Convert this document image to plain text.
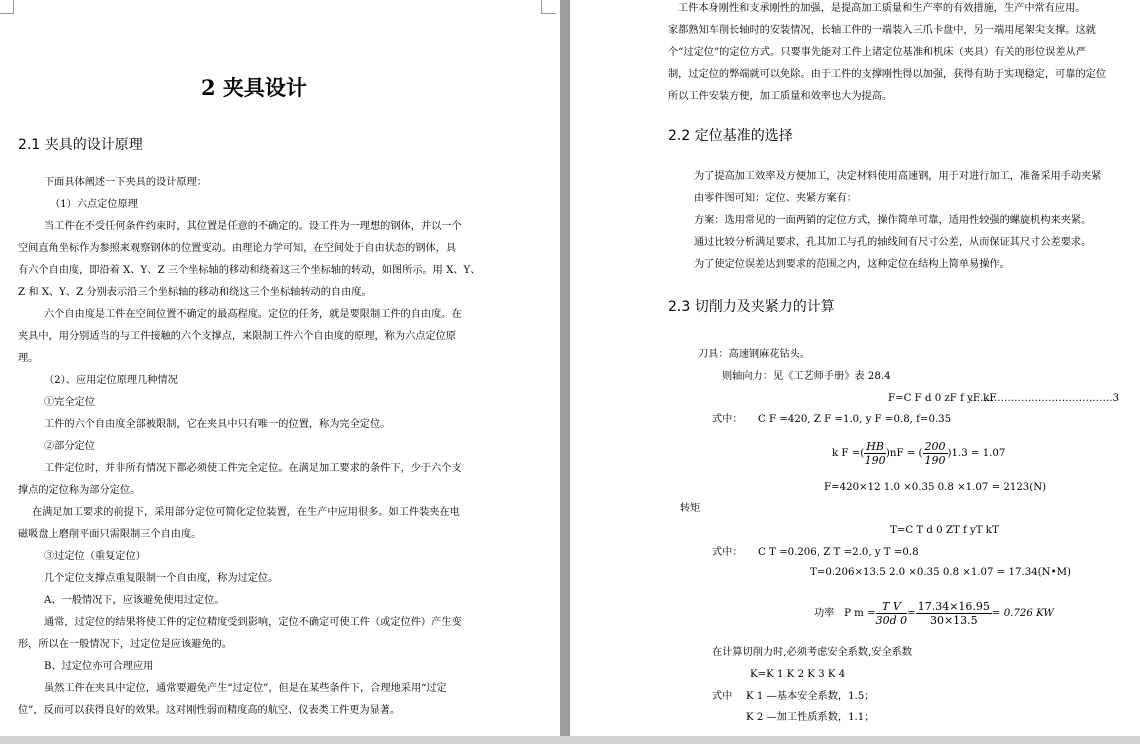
2 夹具设计
2.1 夹具的设计原理
下面具体阐述一下夹具的设计原理：
（1）六点定位原理
当工件在不受任何条件约束时，其位置是任意的不确定的。设工件为一理想的钢体，并以一个
空间直角坐标作为参照来观察钢体的位置变动。由理论力学可知，在空间处于自由状态的钢体，具
有六个自由度，即沿着 X、Y、Z 三个坐标轴的移动和绕着这三个坐标轴的转动，如图所示。用 X、Y、
Z 和 X、Y、Z 分别表示沿三个坐标轴的移动和绕这三个坐标轴转动的自由度。
六个自由度是工件在空间位置不确定的最高程度。定位的任务，就是要限制工件的自由度。在
夹具中，用分别适当的与工件接触的六个支撑点，来限制工件六个自由度的原理，称为六点定位原
理。
（2）、应用定位原理几种情况
①完全定位
工件的六个自由度全部被限制，它在夹具中只有唯一的位置，称为完全定位。
②部分定位
工件定位时，并非所有情况下都必须使工件完全定位。在满足加工要求的条件下，少于六个支
撑点的定位称为部分定位。
在满足加工要求的前提下，采用部分定位可简化定位装置，在生产中应用很多。如工件装夹在电
磁吸盘上磨削平面只需限制三个自由度。
③过定位（重复定位）
几个定位支撑点重复限制一个自由度，称为过定位。
A、一般情况下，应该避免使用过定位。
通常，过定位的结果将使工件的定位精度受到影响，定位不确定可使工件（或定位件）产生变
形，所以在一般情况下，过定位是应该避免的。
B、过定位亦可合理应用
虽然工件在夹具中定位，通常要避免产生“过定位”，但是在某些条件下，合理地采用“过定
位”，反而可以获得良好的效果。这对刚性弱而精度高的航空、仪表类工件更为显著。
工件本身刚性和支承刚性的加强，是提高加工质量和生产率的有效措施，生产中常有应用。
家都熟知车削长轴时的安装情况，长轴工件的一端装入三爪卡盘中，另一端用尾架尖支撑。这就
个“过定位”的定位方式。只要事先能对工件上诸定位基准和机床（夹具）有关的形位误差从严
制，过定位的弊端就可以免除。由于工件的支撑刚性得以加强，获得有助于实现稳定，可靠的定位
所以工件安装方便，加工质量和效率也大为提高。
2.2 定位基准的选择
为了提高加工效率及方便加工，决定材料使用高速钢，用于对进行加工，准备采用手动夹紧
由零件图可知：定位、夹紧方案有：
方案：选用常见的一面两销的定位方式，操作简单可靠，适用性较强的螺旋机构来夹紧。
通过比较分析满足要求，孔其加工与孔的轴线间有尺寸公差，从而保证其尺寸公差要求。
为了使定位误差达到要求的范围之内，这种定位在结构上简单易操作。
2.3 切削力及夹紧力的计算
刀具：高速钢麻花钻头。
则轴向力：见《工艺师手册》表 28.4
F=C F d 0 zF f yF kF
……………………………………3
式中： C F =420, Z F =1.0, y F =0.8, f=0.35
k F =( $\frac{HB}{190} )nF$ = ( $\frac{200}{190} )1.3 = 1.07$
F=420×12 1.0 ×0.35 0.8 ×1.07 = 2123(N)
转矩
T=C T d 0 ZT f yT kT
式中： C T =0.206, Z T =2.0, y T =0.8
T=0.206×13.5 2.0 ×0.35 0.8 ×1.07 = 17.34(N•M)
功率 P $m = \frac{\text{T V}}{30d 0} = \frac{17.34\times 16.95}{30\times 13.5} = 0.726$ KW
在计算切削力时,必须考虑安全系数,安全系数
K=K 1 K 2 K 3 K 4
式中 K 1 —基本安全系数，1.5；
K 2 —加工性质系数，1.1；
